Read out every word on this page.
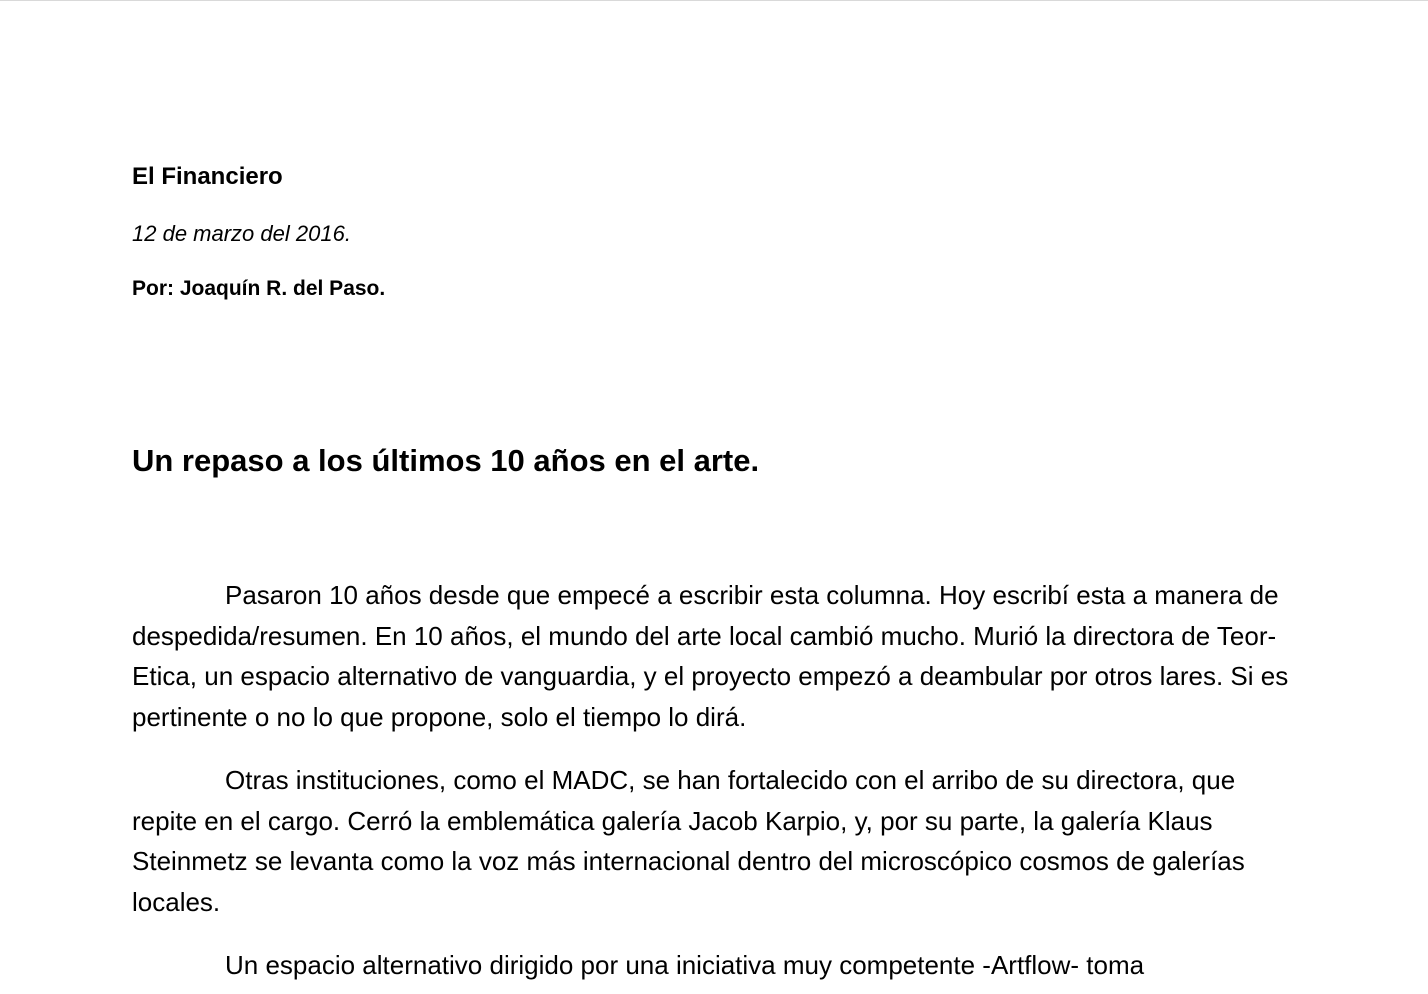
El Financiero
12 de marzo del 2016.
Por: Joaquín R. del Paso.
Un repaso a los últimos 10 años en el arte.

Pasaron 10 años desde que empecé a escribir esta columna. Hoy escribí esta a manera de despedida/resumen. En 10 años, el mundo del arte local cambió mucho. Murió la directora de Teor-Etica, un espacio alternativo de vanguardia, y el proyecto empezó a deambular por otros lares. Si es pertinente o no lo que propone, solo el tiempo lo dirá.

Otras instituciones, como el MADC, se han fortalecido con el arribo de su directora, que repite en el cargo. Cerró la emblemática galería Jacob Karpio, y, por su parte, la galería Klaus Steinmetz se levanta como la voz más internacional dentro del microscópico cosmos de galerías locales.

Un espacio alternativo dirigido por una iniciativa muy competente -Artflow- toma
